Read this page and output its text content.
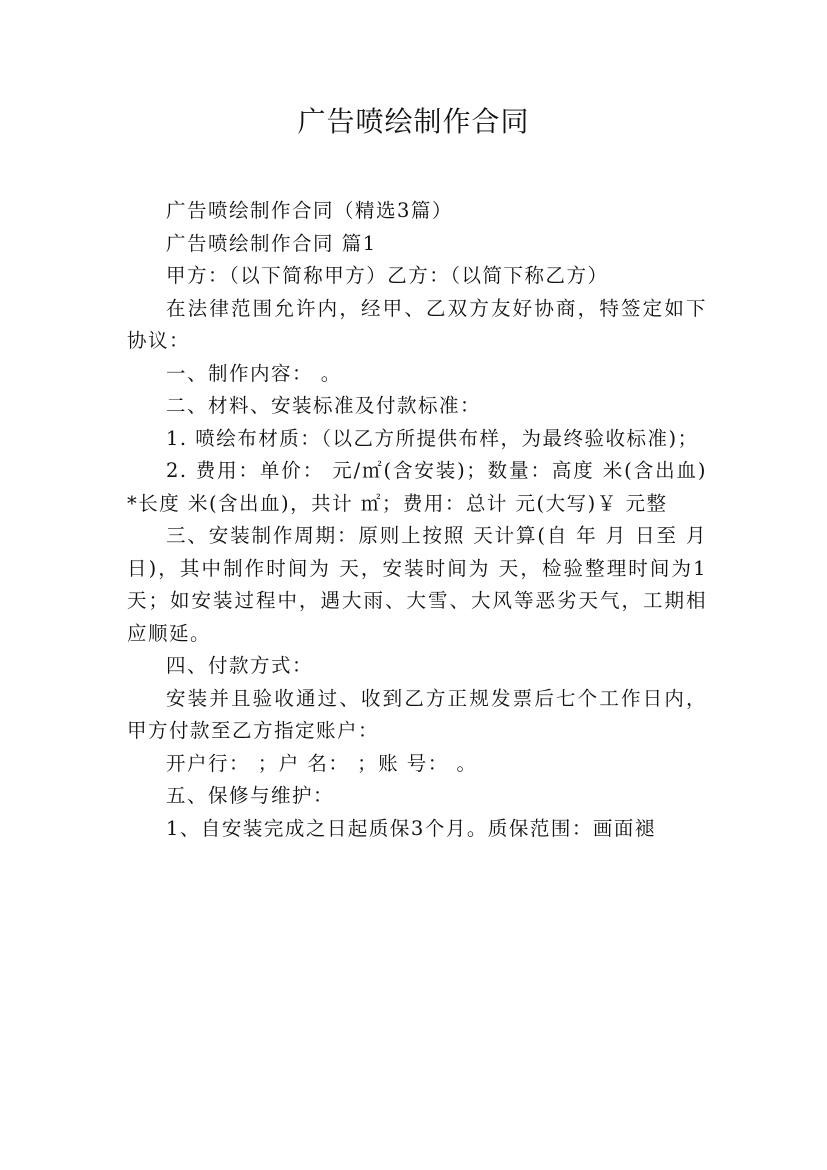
广告喷绘制作合同

广告喷绘制作合同（精选3篇）

广告喷绘制作合同 篇1

甲方：（以下简称甲方）乙方：（以简下称乙方）

在法律范围允许内，经甲、乙双方友好协商，特签定如下协议：

一、制作内容： 。

二、材料、安装标准及付款标准：

1. 喷绘布材质：（以乙方所提供布样，为最终验收标准)；

2. 费用：单价： 元/㎡(含安装)；数量：高度 米(含出血)*长度 米(含出血)，共计 ㎡；费用：总计 元(大写)￥ 元整

三、安装制作周期：原则上按照 天计算(自 年 月 日至 月日)，其中制作时间为 天，安装时间为 天，检验整理时间为1天；如安装过程中，遇大雨、大雪、大风等恶劣天气，工期相应顺延。

四、付款方式：

安装并且验收通过、收到乙方正规发票后七个工作日内，甲方付款至乙方指定账户：

开户行： ；户 名： ；账 号： 。

五、保修与维护：

1、自安装完成之日起质保3个月。质保范围：画面褪
